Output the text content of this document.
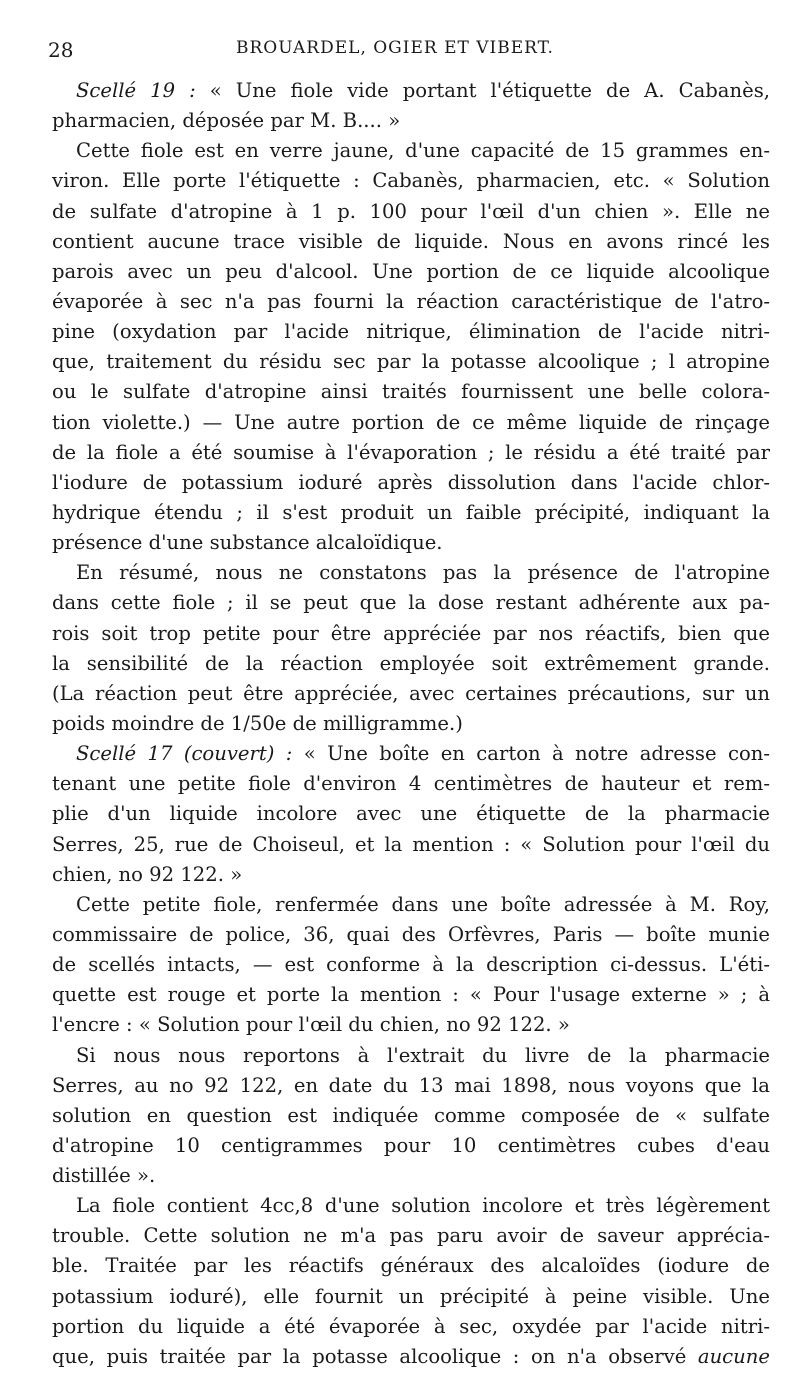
28	BROUARDEL, OGIER ET VIBERT.
Scellé 19 : « Une fiole vide portant l'étiquette de A. Cabanès,
pharmacien, déposée par M. B.... »
Cette fiole est en verre jaune, d'une capacité de 15 grammes en-
viron. Elle porte l'étiquette : Cabanès, pharmacien, etc. « Solution
de sulfate d'atropine à 1 p. 100 pour l'œil d'un chien ». Elle ne
contient aucune trace visible de liquide. Nous en avons rincé les
parois avec un peu d'alcool. Une portion de ce liquide alcoolique
évaporée à sec n'a pas fourni la réaction caractéristique de l'atro-
pine (oxydation par l'acide nitrique, élimination de l'acide nitri-
que, traitement du résidu sec par la potasse alcoolique ; l atropine
ou le sulfate d'atropine ainsi traités fournissent une belle colora-
tion violette.) — Une autre portion de ce même liquide de rinçage
de la fiole a été soumise à l'évaporation ; le résidu a été traité par
l'iodure de potassium ioduré après dissolution dans l'acide chlor-
hydrique étendu ; il s'est produit un faible précipité, indiquant la
présence d'une substance alcaloïdique.
En résumé, nous ne constatons pas la présence de l'atropine
dans cette fiole ; il se peut que la dose restant adhérente aux pa-
rois soit trop petite pour être appréciée par nos réactifs, bien que
la sensibilité de la réaction employée soit extrêmement grande.
(La réaction peut être appréciée, avec certaines précautions, sur un
poids moindre de 1/50e de milligramme.)
Scellé 17 (couvert) : « Une boîte en carton à notre adresse con-
tenant une petite fiole d'environ 4 centimètres de hauteur et rem-
plie d'un liquide incolore avec une étiquette de la pharmacie
Serres, 25, rue de Choiseul, et la mention : « Solution pour l'œil du
chien, no 92 122. »
Cette petite fiole, renfermée dans une boîte adressée à M. Roy,
commissaire de police, 36, quai des Orfèvres, Paris — boîte munie
de scellés intacts, — est conforme à la description ci-dessus. L'éti-
quette est rouge et porte la mention : « Pour l'usage externe » ; à
l'encre : « Solution pour l'œil du chien, no 92 122. »
Si nous nous reportons à l'extrait du livre de la pharmacie
Serres, au no 92 122, en date du 13 mai 1898, nous voyons que la
solution en question est indiquée comme composée de « sulfate
d'atropine 10 centigrammes pour 10 centimètres cubes d'eau
distillée ».
La fiole contient 4cc,8 d'une solution incolore et très légèrement
trouble. Cette solution ne m'a pas paru avoir de saveur apprécia-
ble. Traitée par les réactifs généraux des alcaloïdes (iodure de
potassium ioduré), elle fournit un précipité à peine visible. Une
portion du liquide a été évaporée à sec, oxydée par l'acide nitri-
que, puis traitée par la potasse alcoolique : on n'a observé aucune
